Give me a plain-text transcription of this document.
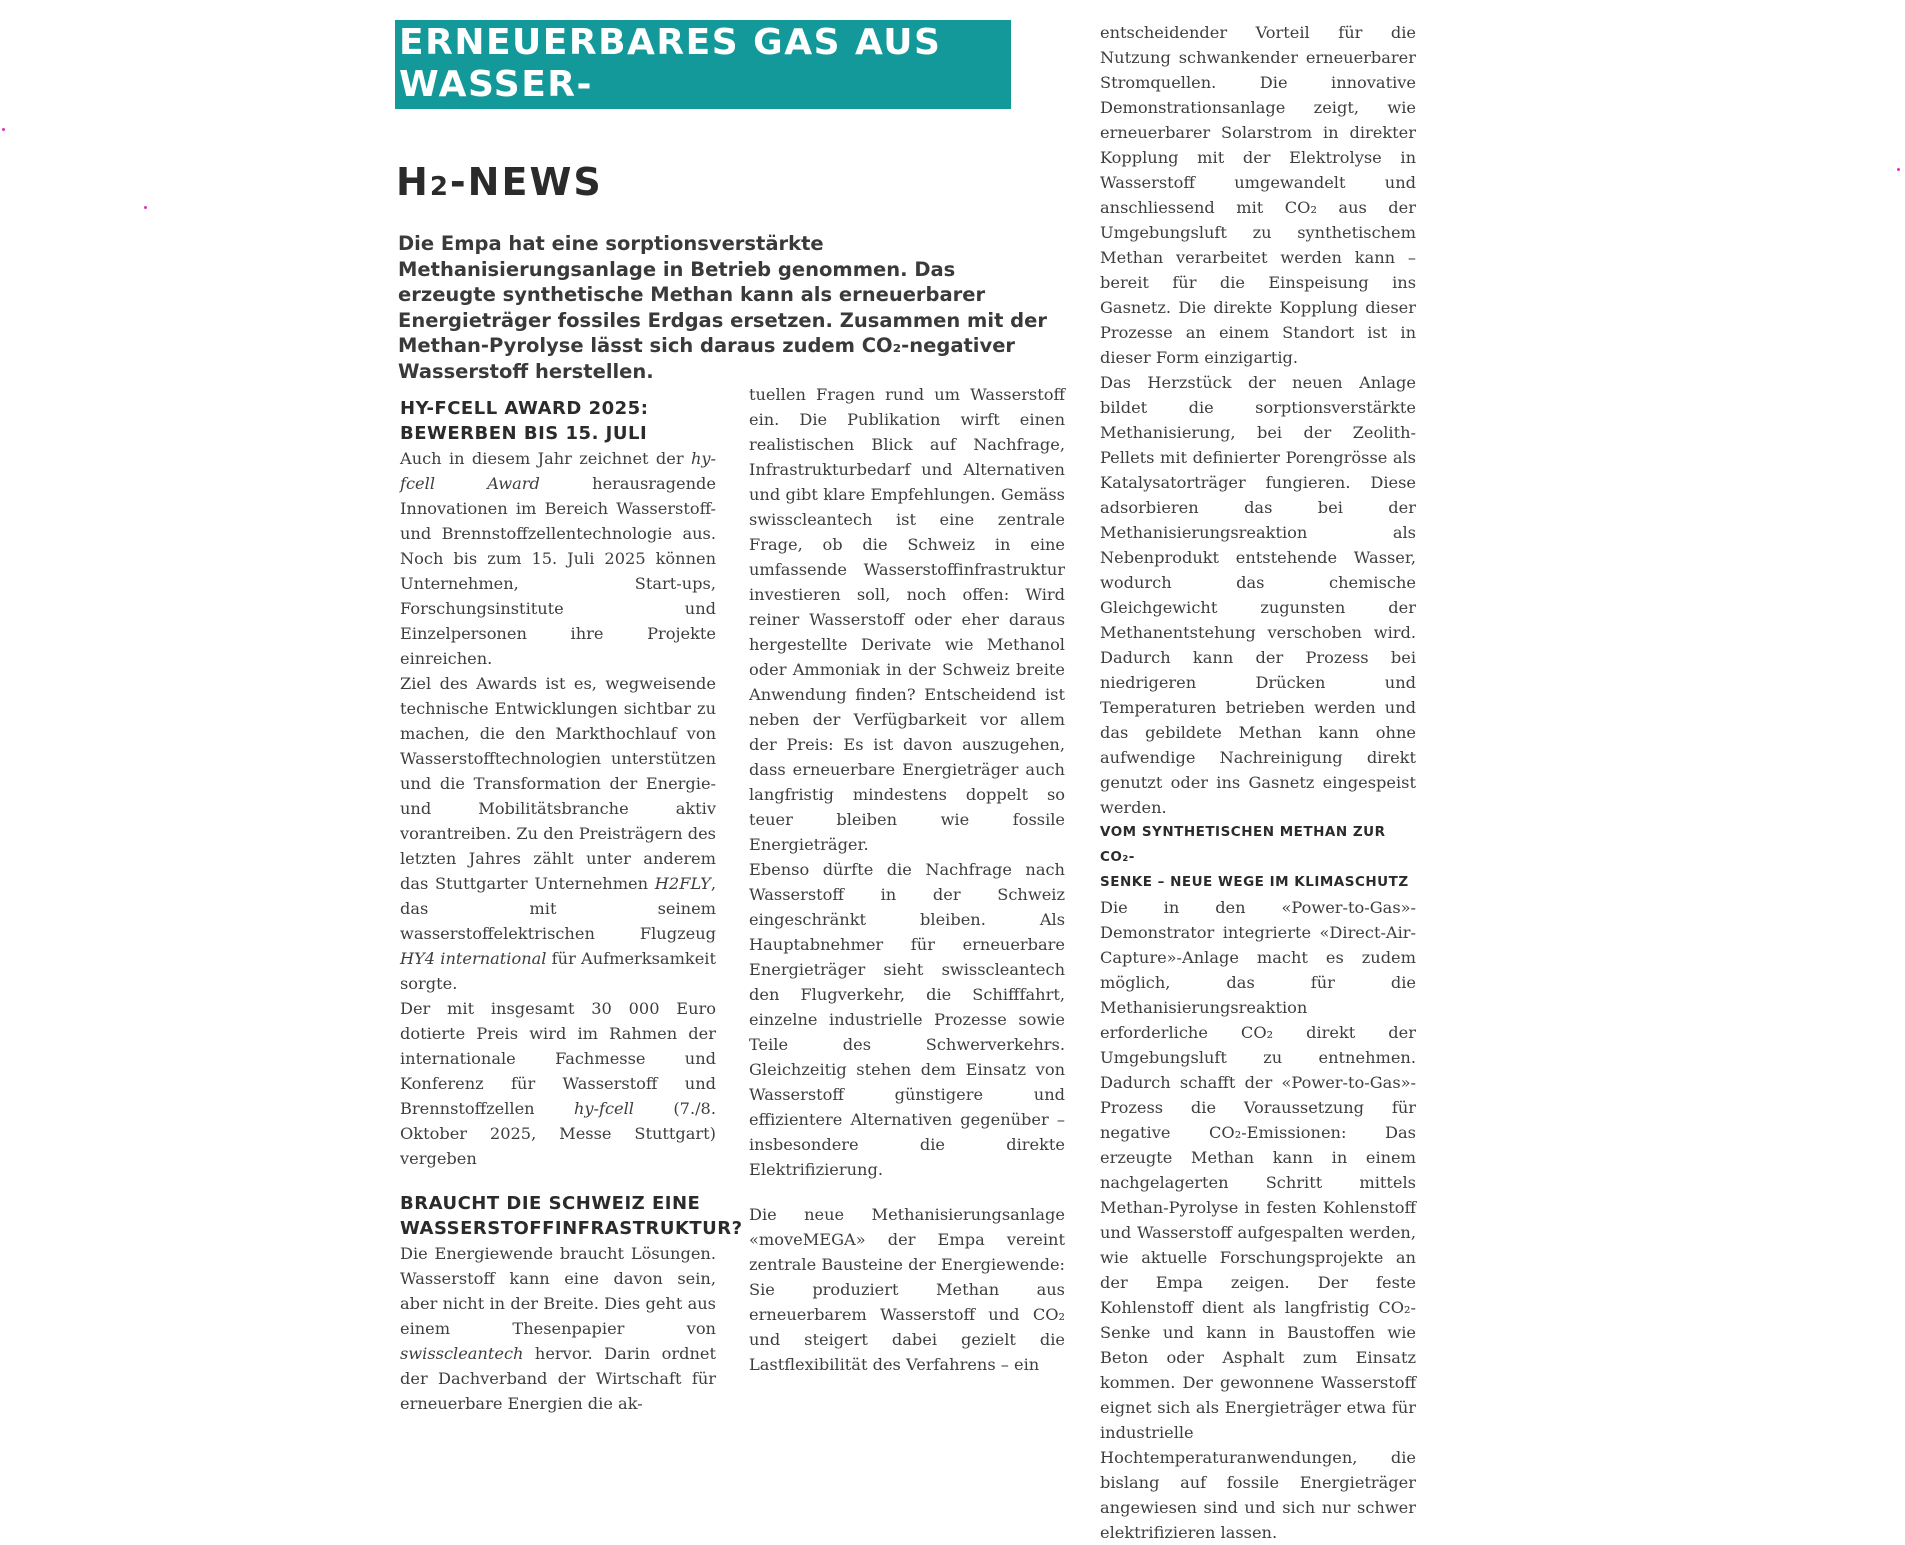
ERNEUERBARES GAS AUS WASSER-
STOFF UND $CO_2$
H2-NEWS
Die Empa hat eine sorptionsverstärkte Methanisierungsanlage in Betrieb genommen. Das erzeugte synthetische Methan kann als erneuerbarer Energieträger fossiles Erdgas ersetzen. Zusammen mit der Methan-Pyrolyse lässt sich daraus zudem CO₂-negativer Wasserstoff herstellen.
HY-FCELL AWARD 2025:
BEWERBEN BIS 15. JULI

Auch in diesem Jahr zeichnet der hy-fcell Award herausragende Innovationen im Bereich Wasserstoff- und Brennstoffzellentechnologie aus. Noch bis zum 15. Juli 2025 können Unternehmen, Start-ups, Forschungsinstitute und Einzelpersonen ihre Projekte einreichen.

Ziel des Awards ist es, wegweisende technische Entwicklungen sichtbar zu machen, die den Markthochlauf von Wasserstofftechnologien unterstützen und die Transformation der Energie- und Mobilitätsbranche aktiv vorantreiben. Zu den Preisträgern des letzten Jahres zählt unter anderem das Stuttgarter Unternehmen H2FLY, das mit seinem wasserstoffelektrischen Flugzeug HY4 international für Aufmerksamkeit sorgte.

Der mit insgesamt 30 000 Euro dotierte Preis wird im Rahmen der internationale Fachmesse und Konferenz für Wasserstoff und Brennstoffzellen hy-fcell (7./8. Oktober 2025, Messe Stuttgart) vergeben

BRAUCHT DIE SCHWEIZ EINE
WASSERSTOFFINFRASTRUKTUR?

Die Energiewende braucht Lösungen. Wasserstoff kann eine davon sein, aber nicht in der Breite. Dies geht aus einem Thesenpapier von swisscleantech hervor. Darin ordnet der Dachverband der Wirtschaft für erneuerbare Energien die ak-

tuellen Fragen rund um Wasserstoff ein. Die Publikation wirft einen realistischen Blick auf Nachfrage, Infrastrukturbedarf und Alternativen und gibt klare Empfehlungen. Gemäss swisscleantech ist eine zentrale Frage, ob die Schweiz in eine umfassende Wasserstoffinfrastruktur investieren soll, noch offen: Wird reiner Wasserstoff oder eher daraus hergestellte Derivate wie Methanol oder Ammoniak in der Schweiz breite Anwendung finden? Entscheidend ist neben der Verfügbarkeit vor allem der Preis: Es ist davon auszugehen, dass erneuerbare Energieträger auch langfristig mindestens doppelt so teuer bleiben wie fossile Energieträger.

Ebenso dürfte die Nachfrage nach Wasserstoff in der Schweiz eingeschränkt bleiben. Als Hauptabnehmer für erneuerbare Energieträger sieht swisscleantech den Flugverkehr, die Schifffahrt, einzelne industrielle Prozesse sowie Teile des Schwerverkehrs. Gleichzeitig stehen dem Einsatz von Wasserstoff günstigere und effizientere Alternativen gegenüber – insbesondere die direkte Elektrifizierung.

Die neue Methanisierungsanlage «moveMEGA» der Empa vereint zentrale Bausteine der Energiewende: Sie produziert Methan aus erneuerbarem Wasserstoff und CO₂ und steigert dabei gezielt die Lastflexibilität des Verfahrens – ein

entscheidender Vorteil für die Nutzung schwankender erneuerbarer Stromquellen. Die innovative Demonstrationsanlage zeigt, wie erneuerbarer Solarstrom in direkter Kopplung mit der Elektrolyse in Wasserstoff umgewandelt und anschliessend mit CO₂ aus der Umgebungsluft zu synthetischem Methan verarbeitet werden kann – bereit für die Einspeisung ins Gasnetz. Die direkte Kopplung dieser Prozesse an einem Standort ist in dieser Form einzigartig.

Das Herzstück der neuen Anlage bildet die sorptionsverstärkte Methanisierung, bei der Zeolith-Pellets mit definierter Porengrösse als Katalysatorträger fungieren. Diese adsorbieren das bei der Methanisierungsreaktion als Nebenprodukt entstehende Wasser, wodurch das chemische Gleichgewicht zugunsten der Methanentstehung verschoben wird. Dadurch kann der Prozess bei niedrigeren Drücken und Temperaturen betrieben werden und das gebildete Methan kann ohne aufwendige Nachreinigung direkt genutzt oder ins Gasnetz eingespeist werden.

VOM SYNTHETISCHEN METHAN ZUR CO₂-
SENKE – NEUE WEGE IM KLIMASCHUTZ

Die in den «Power-to-Gas»-Demonstrator integrierte «Direct-Air-Capture»-Anlage macht es zudem möglich, das für die Methanisierungsreaktion erforderliche CO₂ direkt der Umgebungsluft zu entnehmen. Dadurch schafft der «Power-to-Gas»-Prozess die Voraussetzung für negative CO₂-Emissionen: Das erzeugte Methan kann in einem nachgelagerten Schritt mittels Methan-Pyrolyse in festen Kohlenstoff und Wasserstoff aufgespalten werden, wie aktuelle Forschungsprojekte an der Empa zeigen. Der feste Kohlenstoff dient als langfristig CO₂-Senke und kann in Baustoffen wie Beton oder Asphalt zum Einsatz kommen. Der gewonnene Wasserstoff eignet sich als Energieträger etwa für industrielle Hochtemperaturanwendungen, die bislang auf fossile Energieträger angewiesen sind und sich nur schwer elektrifizieren lassen.
